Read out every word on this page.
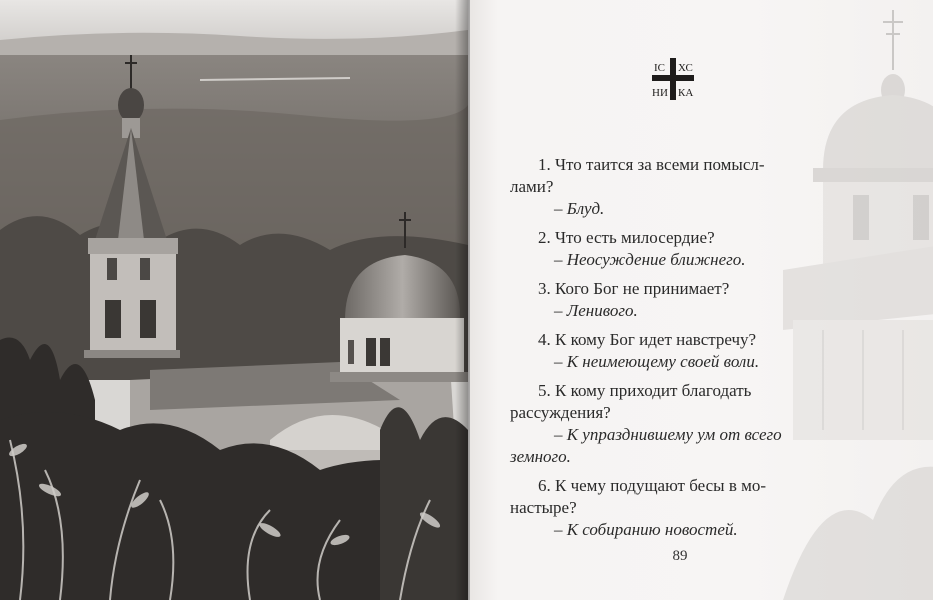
IC ХС
НИ КА
1. Что таится за всеми помысл-
лами?
– Блуд.
2. Что есть милосердие?
– Неосуждение ближнего.
3. Кого Бог не принимает?
– Ленивого.
4. К кому Бог идет навстречу?
– К неимеющему своей воли.
5. К кому приходит благодать
рассуждения?
– К упразднившему ум от всего
земного.
6. К чему подущают бесы в мо-
настыре?
– К собиранию новостей.
89
